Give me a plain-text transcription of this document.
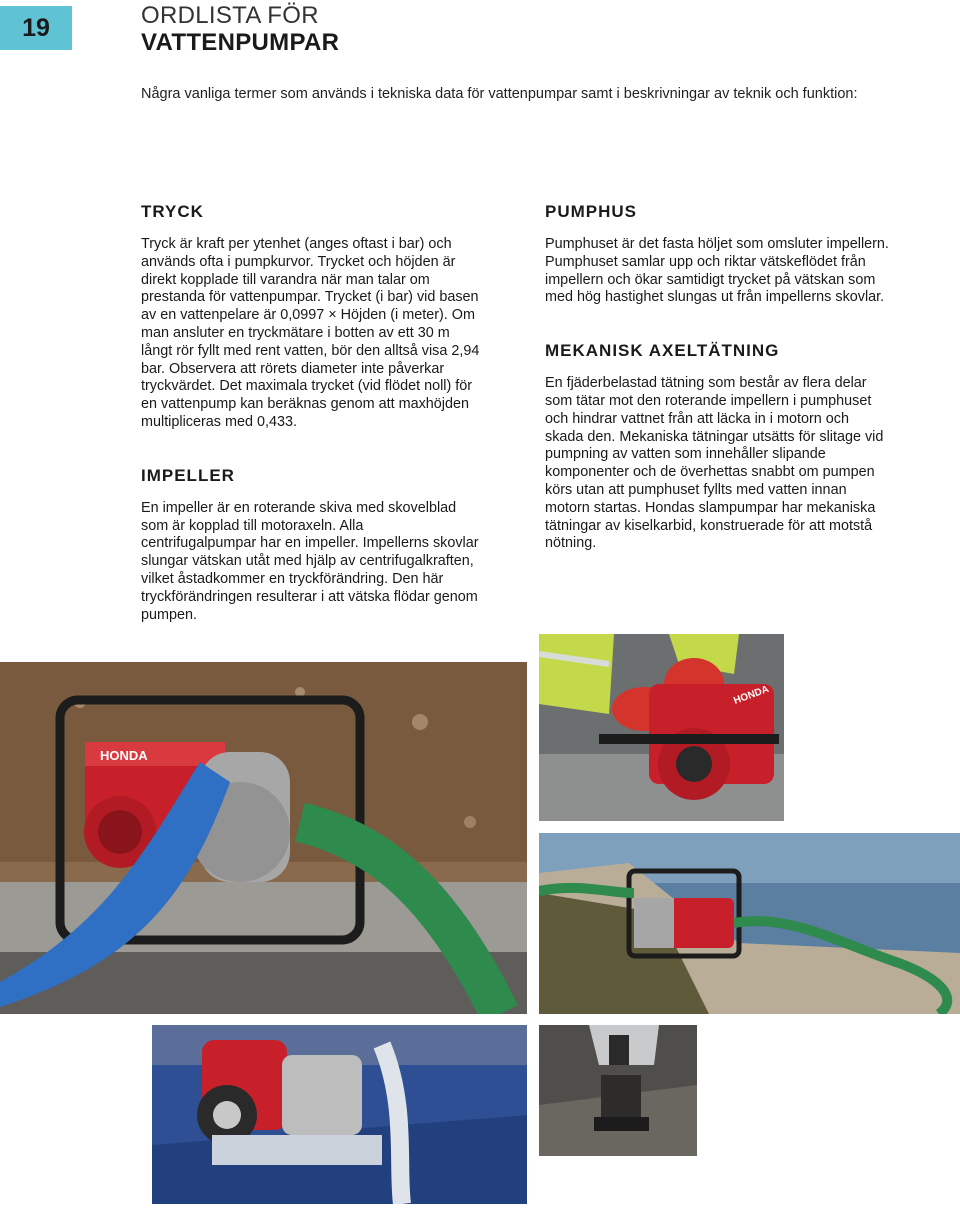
19	ORDLISTA FÖR
VATTENPUMPAR
Några vanliga termer som används i tekniska data för vattenpumpar samt i beskrivningar av teknik och funktion:
TRYCK

Tryck är kraft per ytenhet (anges oftast i bar) och används ofta i pumpkurvor. Trycket och höjden är direkt kopplade till varandra när man talar om prestanda för vattenpumpar. Trycket (i bar) vid basen av en vattenpelare är 0,0997 × Höjden (i meter). Om man ansluter en tryckmätare i botten av ett 30 m långt rör fyllt med rent vatten, bör den alltså visa 2,94 bar. Observera att rörets diameter inte påverkar tryckvärdet. Det maximala trycket (vid flödet noll) för en vattenpump kan beräknas genom att maxhöjden multipliceras med 0,433.

IMPELLER

En impeller är en roterande skiva med skovelblad som är kopplad till motoraxeln. Alla centrifugalpumpar har en impeller. Impellerns skovlar slungar vätskan utåt med hjälp av centrifugalkraften, vilket åstadkommer en tryckförändring. Den här tryckförändringen resulterar i att vätska flödar genom pumpen.

PUMPHUS

Pumphuset är det fasta höljet som omsluter impellern. Pumphuset samlar upp och riktar vätskeflödet från impellern och ökar samtidigt trycket på vätskan som med hög hastighet slungas ut från impellerns skovlar.

MEKANISK AXELTÄTNING

En fjäderbelastad tätning som består av flera delar som tätar mot den roterande impellern i pumphuset och hindrar vattnet från att läcka in i motorn och skada den. Mekaniska tätningar utsätts för slitage vid pumpning av vatten som innehåller slipande komponenter och de överhettas snabbt om pumpen körs utan att pumphuset fyllts med vatten innan motorn startas. Hondas slampumpar har mekaniska tätningar av kiselkarbid, konstruerade för att motstå nötning.

HONDA
HONDA
